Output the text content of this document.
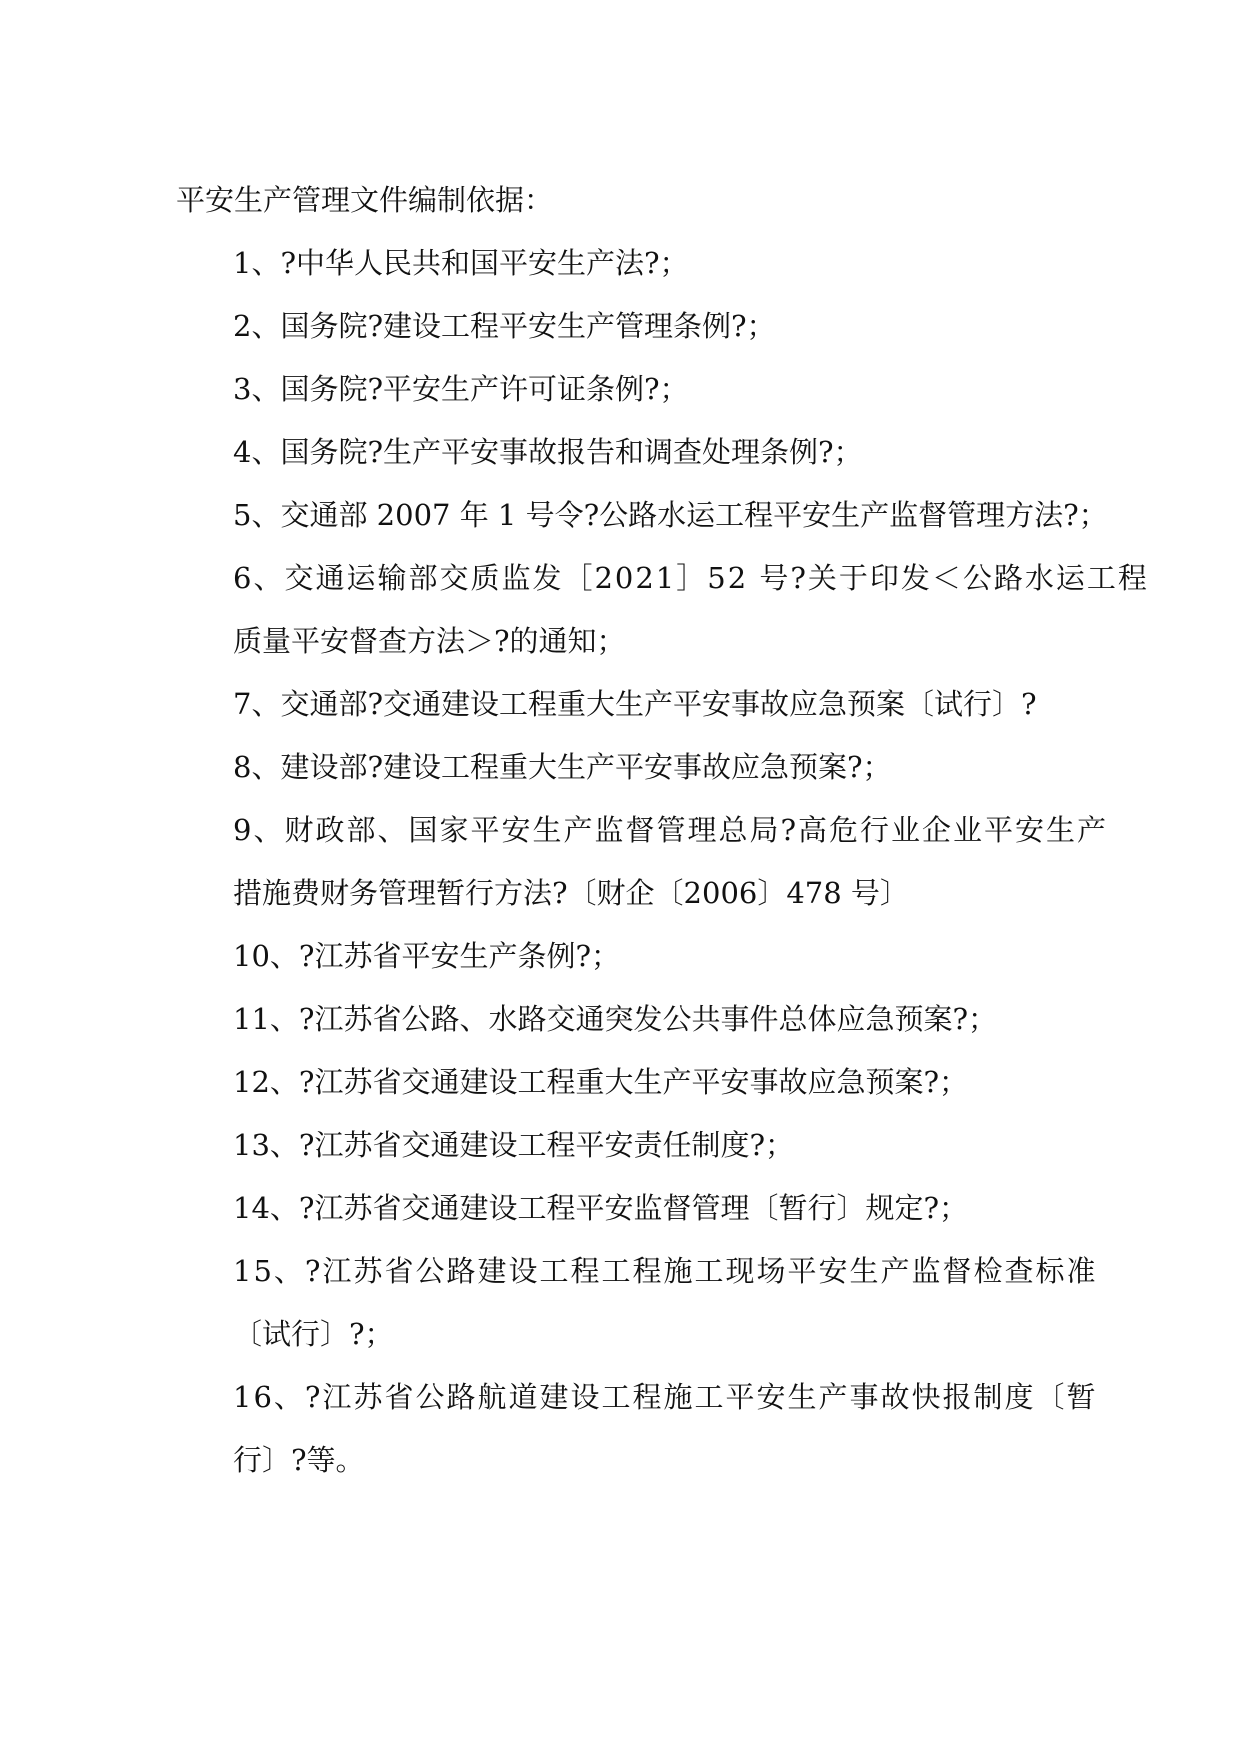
平安生产管理文件编制依据：
1、?中华人民共和国平安生产法?；
2、国务院?建设工程平安生产管理条例?；
3、国务院?平安生产许可证条例?；
4、国务院?生产平安事故报告和调查处理条例?；
5、交通部 2007 年 1 号令?公路水运工程平安生产监督管理方法?；
6、交通运输部交质监发［2021］52 号?关于印发＜公路水运工程
质量平安督查方法＞?的通知；
7、交通部?交通建设工程重大生产平安事故应急预案〔试行〕?
8、建设部?建设工程重大生产平安事故应急预案?；
9、财政部、国家平安生产监督管理总局?高危行业企业平安生产
措施费财务管理暂行方法?〔财企〔2006〕478 号〕
10、?江苏省平安生产条例?；
11、?江苏省公路、水路交通突发公共事件总体应急预案?；
12、?江苏省交通建设工程重大生产平安事故应急预案?；
13、?江苏省交通建设工程平安责任制度?；
14、?江苏省交通建设工程平安监督管理〔暂行〕规定?；
15、?江苏省公路建设工程工程施工现场平安生产监督检查标准
〔试行〕?；
16、?江苏省公路航道建设工程施工平安生产事故快报制度〔暂
行〕?等。
